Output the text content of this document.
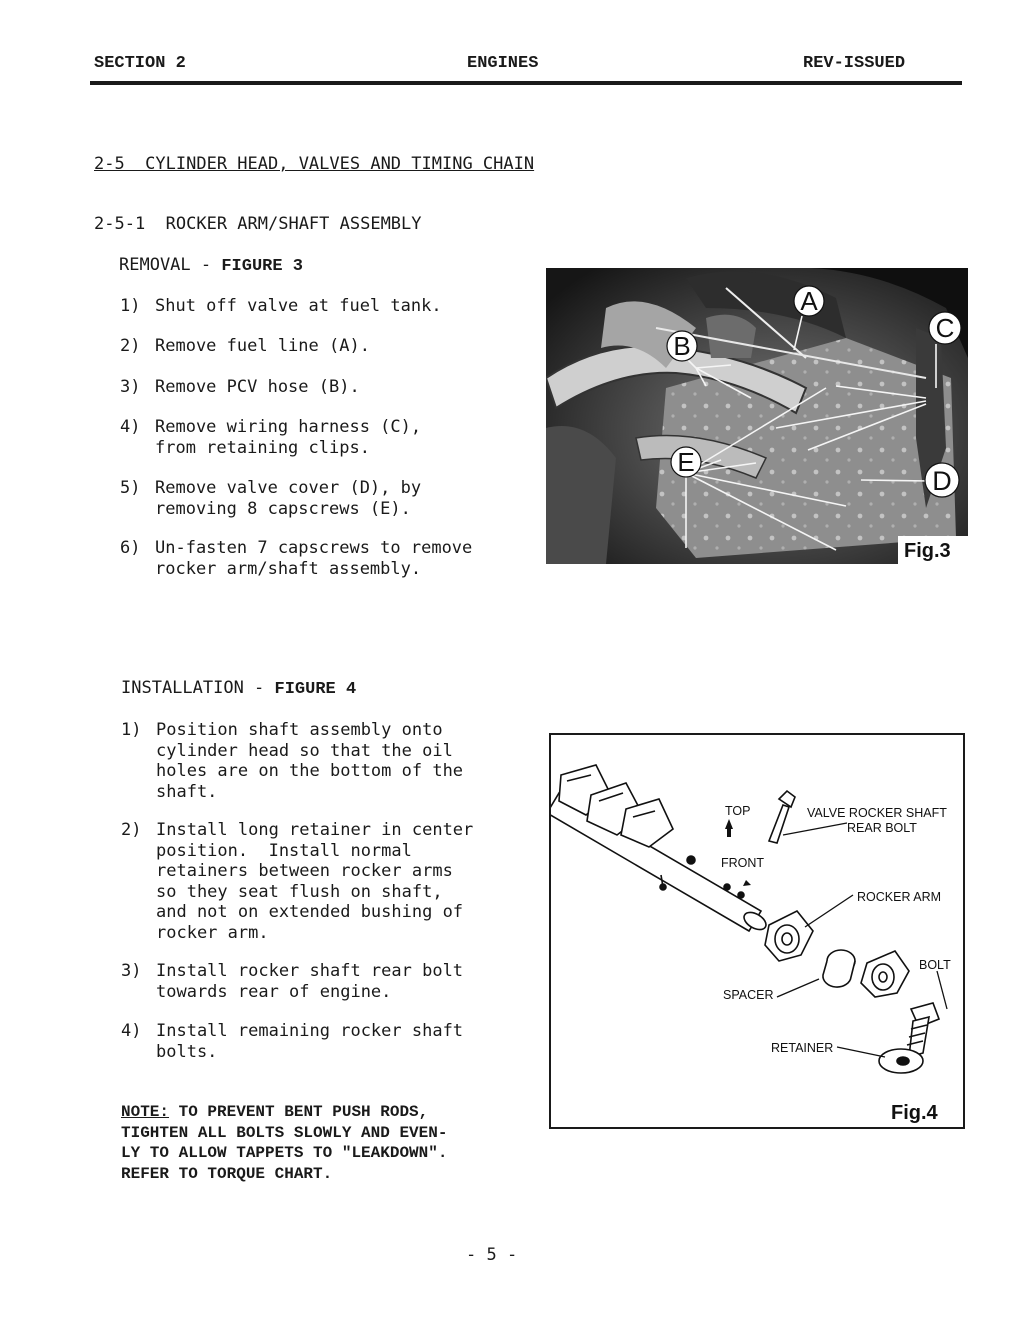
SECTION 2	ENGINES	REV-ISSUED
2-5  CYLINDER HEAD, VALVES AND TIMING CHAIN
2-5-1  ROCKER ARM/SHAFT ASSEMBLY
REMOVAL - FIGURE 3
1) Shut off valve at fuel tank.
2) Remove fuel line (A).
3) Remove PCV hose (B).
4) Remove wiring harness (C),
from retaining clips.
5) Remove valve cover (D), by
removing 8 capscrews (E).
6) Un-fasten 7 capscrews to remove
rocker arm/shaft assembly.
A
B
C
D
E
Fig.3
INSTALLATION - FIGURE 4
1) Position shaft assembly onto
cylinder head so that the oil
holes are on the bottom of the
shaft.
2) Install long retainer in center
position.  Install normal
retainers between rocker arms
so they seat flush on shaft,
and not on extended bushing of
rocker arm.
3) Install rocker shaft rear bolt
towards rear of engine.
4) Install remaining rocker shaft
bolts.
NOTE: TO PREVENT BENT PUSH RODS,
TIGHTEN ALL BOLTS SLOWLY AND EVEN-
LY TO ALLOW TAPPETS TO "LEAKDOWN".
REFER TO TORQUE CHART.
TOP
FRONT
VALVE ROCKER SHAFT
REAR BOLT
ROCKER ARM
BOLT
SPACER
RETAINER
Fig.4
- 5 -
